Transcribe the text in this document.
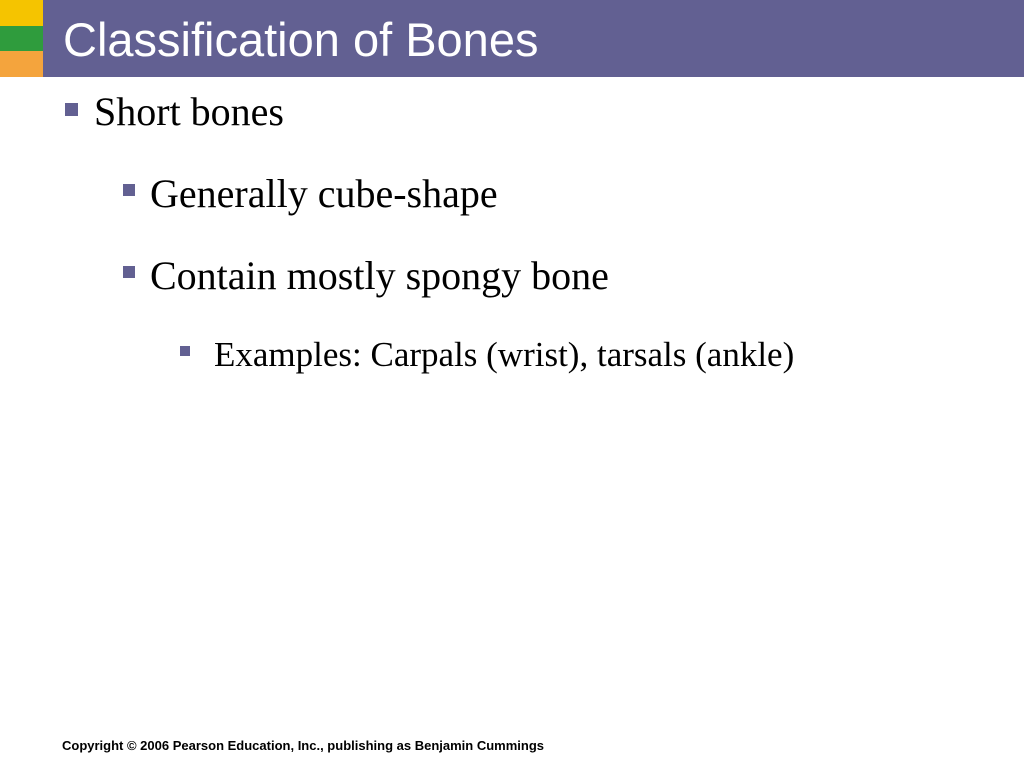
Classification of Bones

Short bones

Generally cube-shape

Contain mostly spongy bone

Examples: Carpals (wrist), tarsals (ankle)

Copyright © 2006 Pearson Education, Inc., publishing as Benjamin Cummings
